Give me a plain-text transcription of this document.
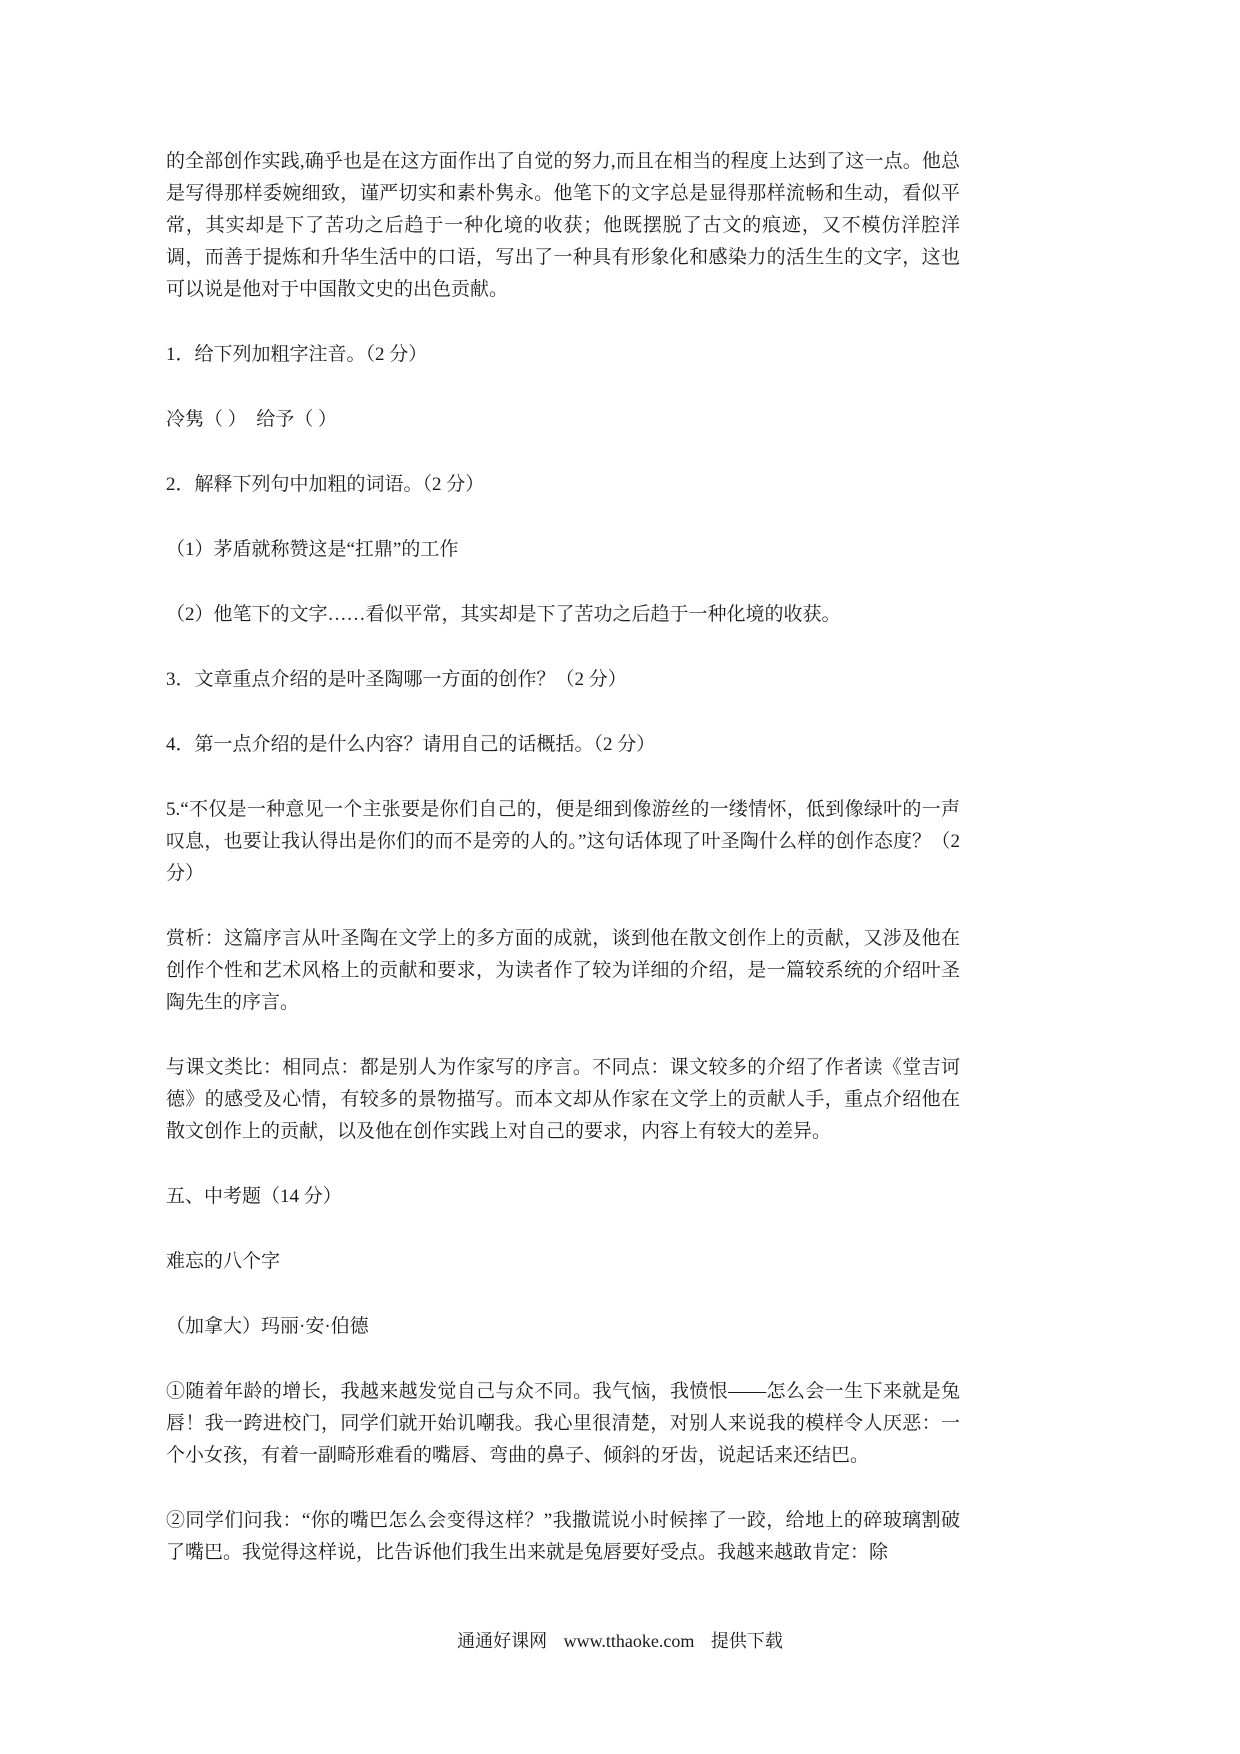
的全部创作实践,确乎也是在这方面作出了自觉的努力,而且在相当的程度上达到了这一点。他总是写得那样委婉细致，谨严切实和素朴隽永。他笔下的文字总是显得那样流畅和生动，看似平常，其实却是下了苦功之后趋于一种化境的收获；他既摆脱了古文的痕迹，又不模仿洋腔洋调，而善于提炼和升华生活中的口语，写出了一种具有形象化和感染力的活生生的文字，这也可以说是他对于中国散文史的出色贡献。

1．给下列加粗字注音。（2 分）

冷隽（ ）　给予（ ）

2．解释下列句中加粗的词语。（2 分）

（1）茅盾就称赞这是“扛鼎”的工作

（2）他笔下的文字……看似平常，其实却是下了苦功之后趋于一种化境的收获。

3．文章重点介绍的是叶圣陶哪一方面的创作？（2 分）

4．第一点介绍的是什么内容？请用自己的话概括。（2 分）

5.“不仅是一种意见一个主张要是你们自己的，便是细到像游丝的一缕情怀，低到像绿叶的一声叹息，也要让我认得出是你们的而不是旁的人的。”这句话体现了叶圣陶什么样的创作态度？（2 分）

赏析：这篇序言从叶圣陶在文学上的多方面的成就，谈到他在散文创作上的贡献，又涉及他在创作个性和艺术风格上的贡献和要求，为读者作了较为详细的介绍，是一篇较系统的介绍叶圣陶先生的序言。

与课文类比：相同点：都是别人为作家写的序言。不同点：课文较多的介绍了作者读《堂吉诃德》的感受及心情，有较多的景物描写。而本文却从作家在文学上的贡献人手，重点介绍他在散文创作上的贡献，以及他在创作实践上对自己的要求，内容上有较大的差异。

五、中考题（14 分）

难忘的八个字

（加拿大）玛丽·安·伯德

①随着年龄的增长，我越来越发觉自己与众不同。我气恼，我愤恨——怎么会一生下来就是兔唇！我一跨进校门，同学们就开始讥嘲我。我心里很清楚，对别人来说我的模样令人厌恶：一个小女孩，有着一副畸形难看的嘴唇、弯曲的鼻子、倾斜的牙齿，说起话来还结巴。

②同学们问我：“你的嘴巴怎么会变得这样？”我撒谎说小时候摔了一跤，给地上的碎玻璃割破了嘴巴。我觉得这样说，比告诉他们我生出来就是兔唇要好受点。我越来越敢肯定：除

通通好课网 www.tthaoke.com 提供下载
